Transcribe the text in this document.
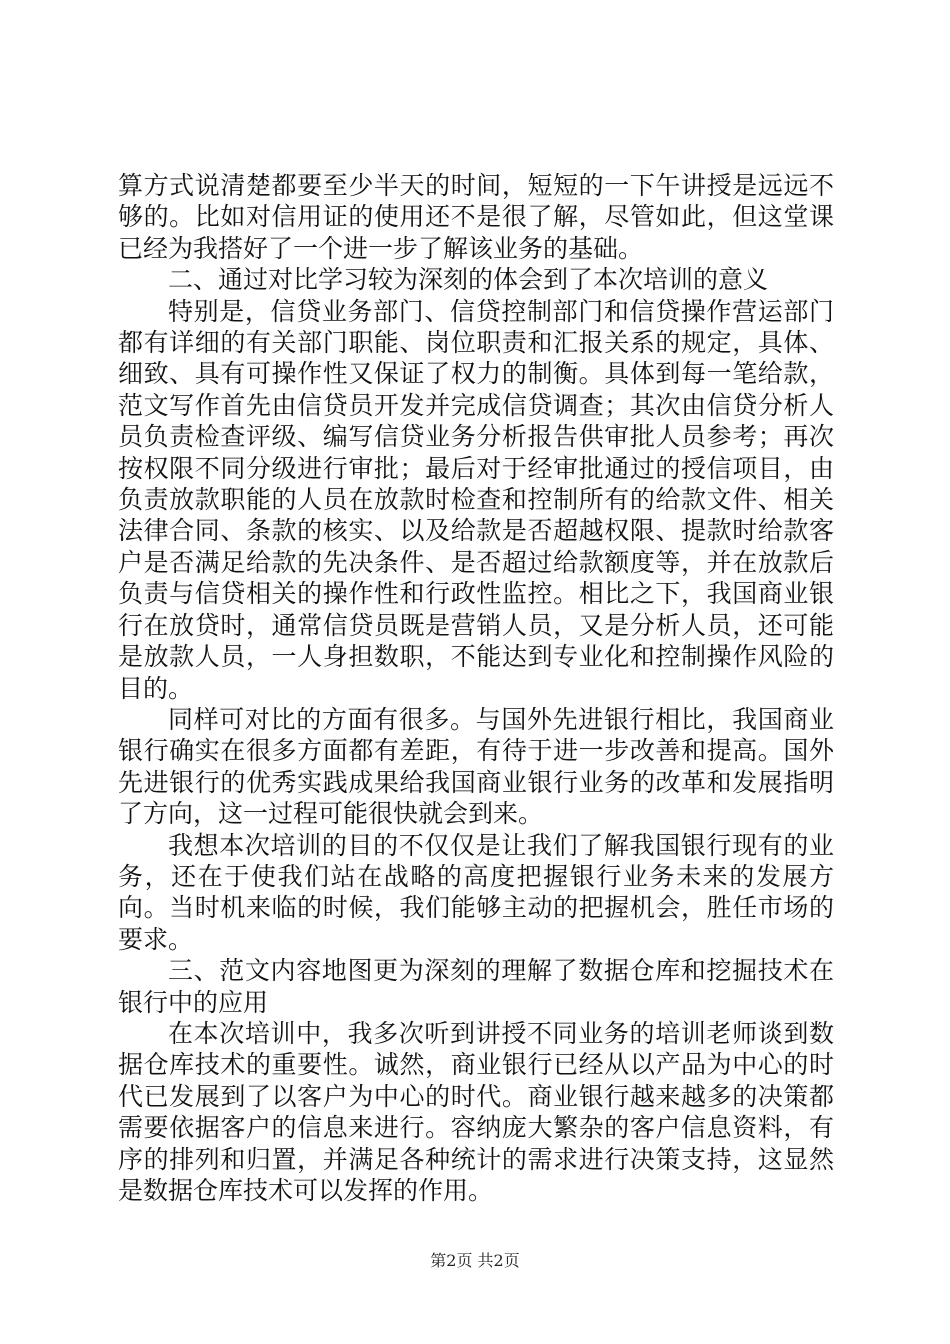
算方式说清楚都要至少半天的时间，短短的一下午讲授是远远不够的。比如对信用证的使用还不是很了解，尽管如此，但这堂课已经为我搭好了一个进一步了解该业务的基础。

二、通过对比学习较为深刻的体会到了本次培训的意义

特别是，信贷业务部门、信贷控制部门和信贷操作营运部门都有详细的有关部门职能、岗位职责和汇报关系的规定，具体、细致、具有可操作性又保证了权力的制衡。具体到每一笔给款，范文写作首先由信贷员开发并完成信贷调查；其次由信贷分析人员负责检查评级、编写信贷业务分析报告供审批人员参考；再次按权限不同分级进行审批；最后对于经审批通过的授信项目，由负责放款职能的人员在放款时检查和控制所有的给款文件、相关法律合同、条款的核实、以及给款是否超越权限、提款时给款客户是否满足给款的先决条件、是否超过给款额度等，并在放款后负责与信贷相关的操作性和行政性监控。相比之下，我国商业银行在放贷时，通常信贷员既是营销人员，又是分析人员，还可能是放款人员，一人身担数职，不能达到专业化和控制操作风险的目的。

同样可对比的方面有很多。与国外先进银行相比，我国商业银行确实在很多方面都有差距，有待于进一步改善和提高。国外先进银行的优秀实践成果给我国商业银行业务的改革和发展指明了方向，这一过程可能很快就会到来。

我想本次培训的目的不仅仅是让我们了解我国银行现有的业务，还在于使我们站在战略的高度把握银行业务未来的发展方向。当时机来临的时候，我们能够主动的把握机会，胜任市场的要求。

三、范文内容地图更为深刻的理解了数据仓库和挖掘技术在银行中的应用

在本次培训中，我多次听到讲授不同业务的培训老师谈到数据仓库技术的重要性。诚然，商业银行已经从以产品为中心的时代已发展到了以客户为中心的时代。商业银行越来越多的决策都需要依据客户的信息来进行。容纳庞大繁杂的客户信息资料，有序的排列和归置，并满足各种统计的需求进行决策支持，这显然是数据仓库技术可以发挥的作用。

第2页 共2页
